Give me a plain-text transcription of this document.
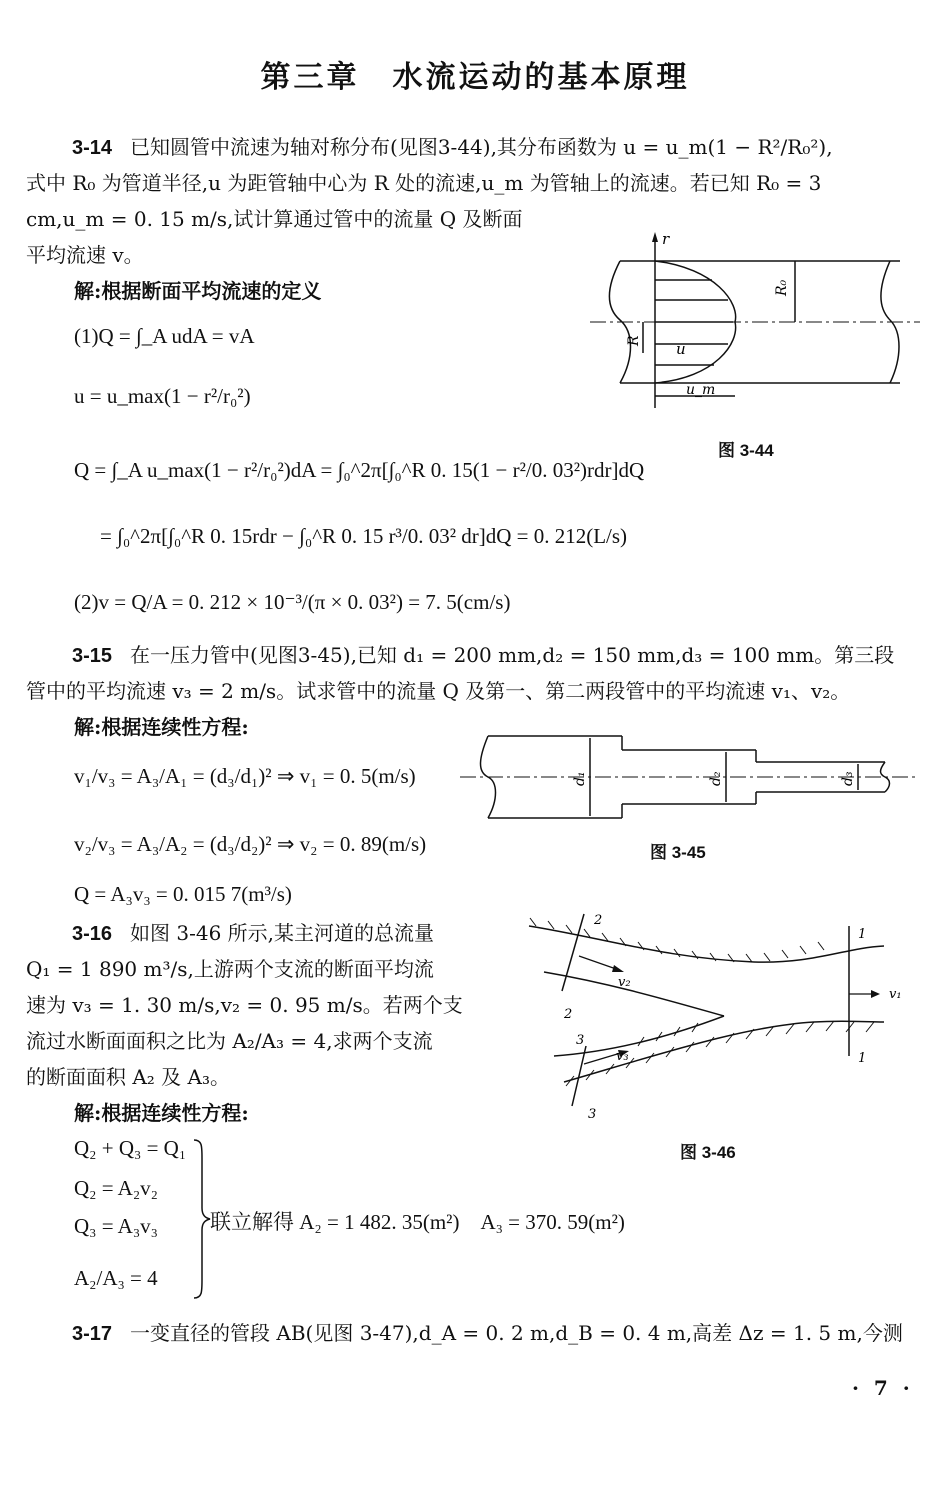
第三章　水流运动的基本原理
3-14 已知圆管中流速为轴对称分布(见图3-44),其分布函数为 u = u_m(1 − R²/R₀²),
式中 R₀ 为管道半径,u 为距管轴中心为 R 处的流速,u_m 为管轴上的流速。若已知 R₀ = 3
cm,u_m = 0. 15 m/s,试计算通过管中的流量 Q 及断面
平均流速 v。
解:根据断面平均流速的定义
(1)Q = ∫_A udA = vA
u = u_max(1 − r²/r₀²)
Q = ∫_A u_max(1 − r²/r₀²)dA = ∫₀^2π[∫₀^R 0. 15(1 − r²/0. 03²)rdr]dQ
= ∫₀^2π[∫₀^R 0. 15rdr − ∫₀^R 0. 15 r³/0. 03² dr]dQ = 0. 212(L/s)
(2)v = Q/A = 0. 212 × 10⁻³/(π × 0. 03²) = 7. 5(cm/s)
r
R₀
R u
u_m
图 3-44
3-15 在一压力管中(见图3-45),已知 d₁ = 200 mm,d₂ = 150 mm,d₃ = 100 mm。第三段
管中的平均流速 v₃ = 2 m/s。试求管中的流量 Q 及第一、第二两段管中的平均流速 v₁、v₂。
解:根据连续性方程:
v₁/v₃ = A₃/A₁ = (d₃/d₁)² ⇒ v₁ = 0. 5(m/s)
v₂/v₃ = A₃/A₂ = (d₃/d₂)² ⇒ v₂ = 0. 89(m/s)
Q = A₃v₃ = 0. 015 7(m³/s)
d₁	d₂	d₃
图 3-45
3-16 如图 3-46 所示,某主河道的总流量
Q₁ = 1 890 m³/s,上游两个支流的断面平均流
速为 v₃ = 1. 30 m/s,v₂ = 0. 95 m/s。若两个支
流过水断面面积之比为 A₂/A₃ = 4,求两个支流
的断面面积 A₂ 及 A₃。
解:根据连续性方程:
Q₂ + Q₃ = Q₁
Q₂ = A₂v₂
Q₃ = A₃v₃
A₂/A₃ = 4
联立解得 A₂ = 1 482. 35(m²)　A₃ = 370. 59(m²)
2
2
3
3
1
1
v₂
v₃
v₁
图 3-46
3-17 一变直径的管段 AB(见图 3-47),d_A = 0. 2 m,d_B = 0. 4 m,高差 Δz = 1. 5 m,今测
· 7 ·
